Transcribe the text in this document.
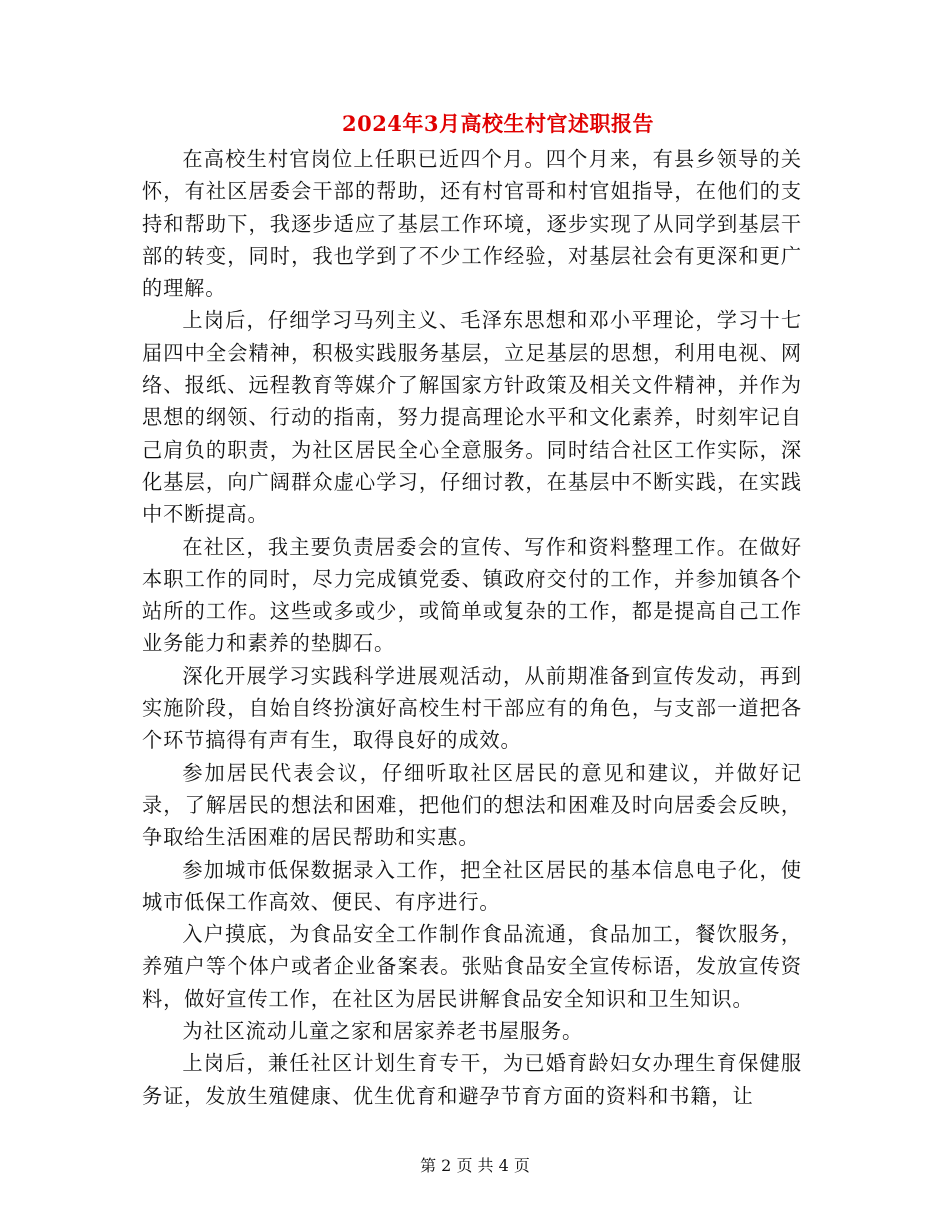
2024年3月高校生村官述职报告

在高校生村官岗位上任职已近四个月。四个月来，有县乡领导的关怀，有社区居委会干部的帮助，还有村官哥和村官姐指导，在他们的支持和帮助下，我逐步适应了基层工作环境，逐步实现了从同学到基层干部的转变，同时，我也学到了不少工作经验，对基层社会有更深和更广的理解。

上岗后，仔细学习马列主义、毛泽东思想和邓小平理论，学习十七届四中全会精神，积极实践服务基层，立足基层的思想，利用电视、网络、报纸、远程教育等媒介了解国家方针政策及相关文件精神，并作为思想的纲领、行动的指南，努力提高理论水平和文化素养，时刻牢记自己肩负的职责，为社区居民全心全意服务。同时结合社区工作实际，深化基层，向广阔群众虚心学习，仔细讨教，在基层中不断实践，在实践中不断提高。

在社区，我主要负责居委会的宣传、写作和资料整理工作。在做好本职工作的同时，尽力完成镇党委、镇政府交付的工作，并参加镇各个站所的工作。这些或多或少，或简单或复杂的工作，都是提高自己工作业务能力和素养的垫脚石。

深化开展学习实践科学进展观活动，从前期准备到宣传发动，再到实施阶段，自始自终扮演好高校生村干部应有的角色，与支部一道把各个环节搞得有声有生，取得良好的成效。

参加居民代表会议，仔细听取社区居民的意见和建议，并做好记录，了解居民的想法和困难，把他们的想法和困难及时向居委会反映，争取给生活困难的居民帮助和实惠。

参加城市低保数据录入工作，把全社区居民的基本信息电子化，使城市低保工作高效、便民、有序进行。

入户摸底，为食品安全工作制作食品流通，食品加工，餐饮服务，养殖户等个体户或者企业备案表。张贴食品安全宣传标语，发放宣传资料，做好宣传工作，在社区为居民讲解食品安全知识和卫生知识。

为社区流动儿童之家和居家养老书屋服务。

上岗后，兼任社区计划生育专干，为已婚育龄妇女办理生育保健服务证，发放生殖健康、优生优育和避孕节育方面的资料和书籍，让

第 2 页 共 4 页
